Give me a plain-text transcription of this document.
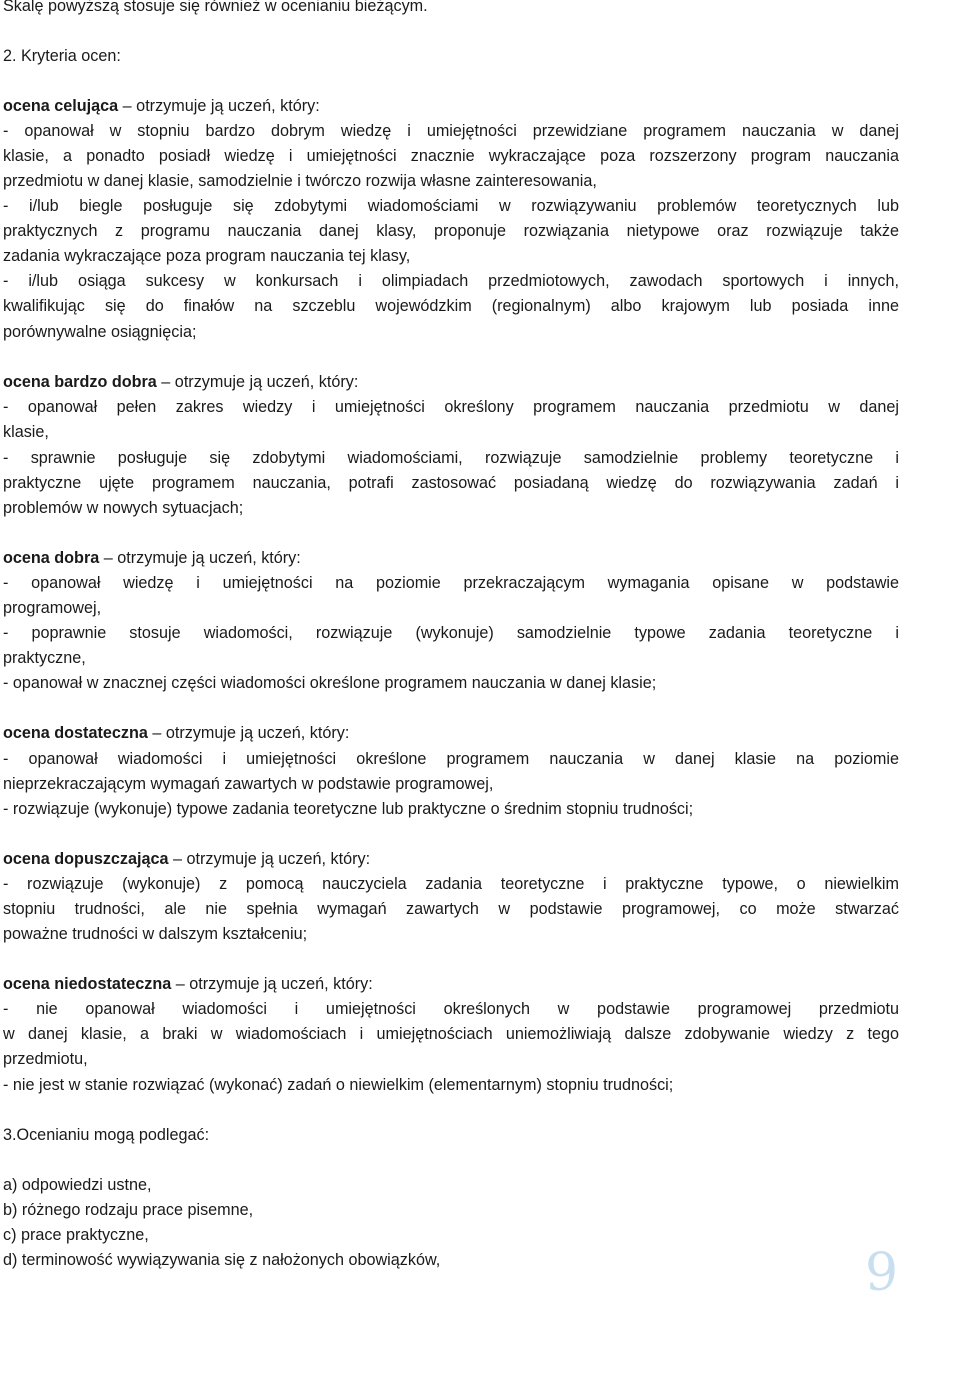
Skalę powyższą stosuje się również w ocenianiu bieżącym.
2. Kryteria ocen:
ocena celująca – otrzymuje ją uczeń, który:
- opanował w stopniu bardzo dobrym wiedzę i umiejętności przewidziane programem nauczania w danej
klasie, a ponadto posiadł wiedzę i umiejętności znacznie wykraczające poza rozszerzony program nauczania
przedmiotu w danej klasie, samodzielnie i twórczo rozwija własne zainteresowania,
- i/lub biegle posługuje się zdobytymi wiadomościami w rozwiązywaniu problemów teoretycznych lub
praktycznych z programu nauczania danej klasy, proponuje rozwiązania nietypowe oraz rozwiązuje także
zadania wykraczające poza program nauczania tej klasy,
- i/lub osiąga sukcesy w konkursach i olimpiadach przedmiotowych, zawodach sportowych i innych,
kwalifikując się do finałów na szczeblu wojewódzkim (regionalnym) albo krajowym lub posiada inne
porównywalne osiągnięcia;
ocena bardzo dobra – otrzymuje ją uczeń, który:
- opanował pełen zakres wiedzy i umiejętności określony programem nauczania przedmiotu w danej
klasie,
- sprawnie posługuje się zdobytymi wiadomościami, rozwiązuje samodzielnie problemy teoretyczne i
praktyczne ujęte programem nauczania, potrafi zastosować posiadaną wiedzę do rozwiązywania zadań i
problemów w nowych sytuacjach;
ocena dobra – otrzymuje ją uczeń, który:
- opanował wiedzę i umiejętności na poziomie przekraczającym wymagania opisane w podstawie
programowej,
- poprawnie stosuje wiadomości, rozwiązuje (wykonuje) samodzielnie typowe zadania teoretyczne i
praktyczne,
- opanował w znacznej części wiadomości określone programem nauczania w danej klasie;
ocena dostateczna – otrzymuje ją uczeń, który:
- opanował wiadomości i umiejętności określone programem nauczania w danej klasie na poziomie
nieprzekraczającym wymagań zawartych w podstawie programowej,
- rozwiązuje (wykonuje) typowe zadania teoretyczne lub praktyczne o średnim stopniu trudności;
ocena dopuszczająca – otrzymuje ją uczeń, który:
- rozwiązuje (wykonuje) z pomocą nauczyciela zadania teoretyczne i praktyczne typowe, o niewielkim
stopniu trudności, ale nie spełnia wymagań zawartych w podstawie programowej, co może stwarzać
poważne trudności w dalszym kształceniu;
ocena niedostateczna – otrzymuje ją uczeń, który:
- nie opanował wiadomości i umiejętności określonych w podstawie programowej przedmiotu
w danej klasie, a braki w wiadomościach i umiejętnościach uniemożliwiają dalsze zdobywanie wiedzy z tego
przedmiotu,
- nie jest w stanie rozwiązać (wykonać) zadań o niewielkim (elementarnym) stopniu trudności;
3.Ocenianiu mogą podlegać:
a) odpowiedzi ustne,
b) różnego rodzaju prace pisemne,
c) prace praktyczne,
d) terminowość wywiązywania się z nałożonych obowiązków,	9
